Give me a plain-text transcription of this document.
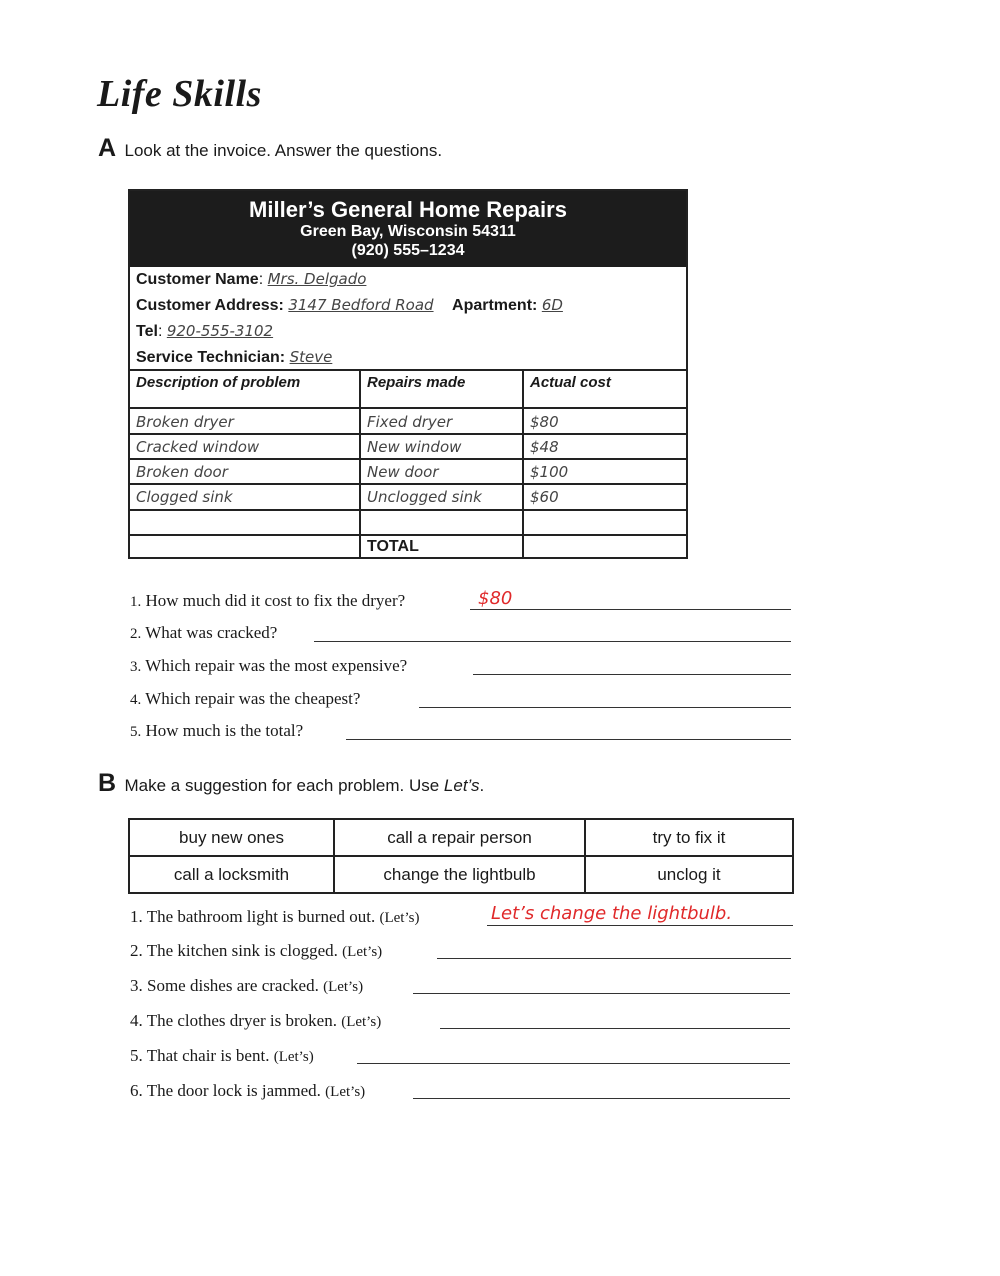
Life Skills
A Look at the invoice. Answer the questions.
Miller’s General Home Repairs
Green Bay, Wisconsin 54311
(920) 555–1234
Customer Name: Mrs. Delgado
Customer Address: 3147 Bedford Road Apartment: 6D
Tel: 920-555-3102
Service Technician: Steve
Description of problem	Repairs made	Actual cost
Broken dryer	Fixed dryer	$80
Cracked window	New window	$48
Broken door	New door	$100
Clogged sink	Unclogged sink	$60
TOTAL
1. How much did it cost to fix the dryer?	$80
2. What was cracked?
3. Which repair was the most expensive?
4. Which repair was the cheapest?
5. How much is the total?
B Make a suggestion for each problem. Use Let’s.
buy new ones	call a repair person	try to fix it
call a locksmith	change the lightbulb	unclog it
1. The bathroom light is burned out. (Let’s)	Let’s change the lightbulb.
2. The kitchen sink is clogged. (Let’s)
3. Some dishes are cracked. (Let’s)
4. The clothes dryer is broken. (Let’s)
5. That chair is bent. (Let’s)
6. The door lock is jammed. (Let’s)
